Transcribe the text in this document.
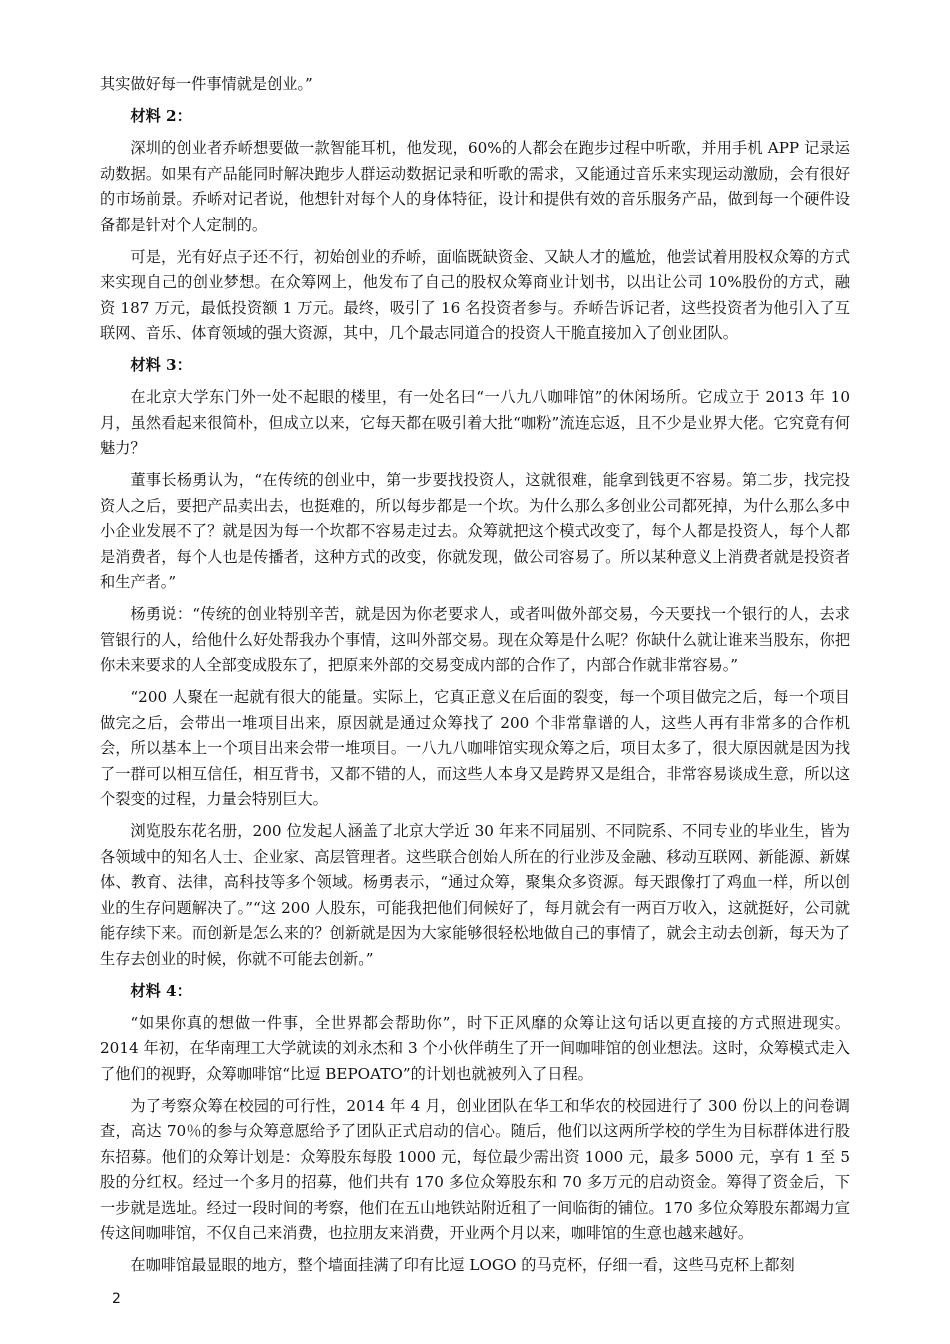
其实做好每一件事情就是创业。”

材料 2：

深圳的创业者乔峤想要做一款智能耳机，他发现，60%的人都会在跑步过程中听歌，并用手机 APP 记录运动数据。如果有产品能同时解决跑步人群运动数据记录和听歌的需求，又能通过音乐来实现运动激励，会有很好的市场前景。乔峤对记者说，他想针对每个人的身体特征，设计和提供有效的音乐服务产品，做到每一个硬件设备都是针对个人定制的。

可是，光有好点子还不行，初始创业的乔峤，面临既缺资金、又缺人才的尴尬，他尝试着用股权众筹的方式来实现自己的创业梦想。在众筹网上，他发布了自己的股权众筹商业计划书，以出让公司 10%股份的方式，融资 187 万元，最低投资额 1 万元。最终，吸引了 16 名投资者参与。乔峤告诉记者，这些投资者为他引入了互联网、音乐、体育领域的强大资源，其中，几个最志同道合的投资人干脆直接加入了创业团队。

材料 3：

在北京大学东门外一处不起眼的楼里，有一处名曰“一八九八咖啡馆”的休闲场所。它成立于 2013 年 10 月，虽然看起来很简朴，但成立以来，它每天都在吸引着大批“咖粉”流连忘返，且不少是业界大佬。它究竟有何魅力？

董事长杨勇认为，“在传统的创业中，第一步要找投资人，这就很难，能拿到钱更不容易。第二步，找完投资人之后，要把产品卖出去，也挺难的，所以每步都是一个坎。为什么那么多创业公司都死掉，为什么那么多中小企业发展不了？就是因为每一个坎都不容易走过去。众筹就把这个模式改变了，每个人都是投资人，每个人都是消费者，每个人也是传播者，这种方式的改变，你就发现，做公司容易了。所以某种意义上消费者就是投资者和生产者。”

杨勇说：“传统的创业特别辛苦，就是因为你老要求人，或者叫做外部交易，今天要找一个银行的人，去求管银行的人，给他什么好处帮我办个事情，这叫外部交易。现在众筹是什么呢？你缺什么就让谁来当股东，你把你未来要求的人全部变成股东了，把原来外部的交易变成内部的合作了，内部合作就非常容易。”

“200 人聚在一起就有很大的能量。实际上，它真正意义在后面的裂变，每一个项目做完之后，每一个项目做完之后，会带出一堆项目出来，原因就是通过众筹找了 200 个非常靠谱的人，这些人再有非常多的合作机会，所以基本上一个项目出来会带一堆项目。一八九八咖啡馆实现众筹之后，项目太多了，很大原因就是因为找了一群可以相互信任，相互背书，又都不错的人，而这些人本身又是跨界又是组合，非常容易谈成生意，所以这个裂变的过程，力量会特别巨大。

浏览股东花名册，200 位发起人涵盖了北京大学近 30 年来不同届别、不同院系、不同专业的毕业生，皆为各领域中的知名人士、企业家、高层管理者。这些联合创始人所在的行业涉及金融、移动互联网、新能源、新媒体、教育、法律，高科技等多个领域。杨勇表示，“通过众筹，聚集众多资源。每天跟像打了鸡血一样，所以创业的生存问题解决了。”“这 200 人股东，可能我把他们伺候好了，每月就会有一两百万收入，这就挺好，公司就能存续下来。而创新是怎么来的？创新就是因为大家能够很轻松地做自己的事情了，就会主动去创新，每天为了生存去创业的时候，你就不可能去创新。”

材料 4：

“如果你真的想做一件事，全世界都会帮助你”，时下正风靡的众筹让这句话以更直接的方式照进现实。2014 年初，在华南理工大学就读的刘永杰和 3 个小伙伴萌生了开一间咖啡馆的创业想法。这时，众筹模式走入了他们的视野，众筹咖啡馆“比逗 BEPOATO”的计划也就被列入了日程。

为了考察众筹在校园的可行性，2014 年 4 月，创业团队在华工和华农的校园进行了 300 份以上的问卷调查，高达 70％的参与众筹意愿给予了团队正式启动的信心。随后，他们以这两所学校的学生为目标群体进行股东招募。他们的众筹计划是：众筹股东每股 1000 元，每位最少需出资 1000 元，最多 5000 元，享有 1 至 5 股的分红权。经过一个多月的招募，他们共有 170 多位众筹股东和 70 多万元的启动资金。筹得了资金后，下一步就是选址。经过一段时间的考察，他们在五山地铁站附近租了一间临街的铺位。170 多位众筹股东都竭力宣传这间咖啡馆，不仅自己来消费，也拉朋友来消费，开业两个月以来，咖啡馆的生意也越来越好。

在咖啡馆最显眼的地方，整个墙面挂满了印有比逗 LOGO 的马克杯，仔细一看，这些马克杯上都刻

2
